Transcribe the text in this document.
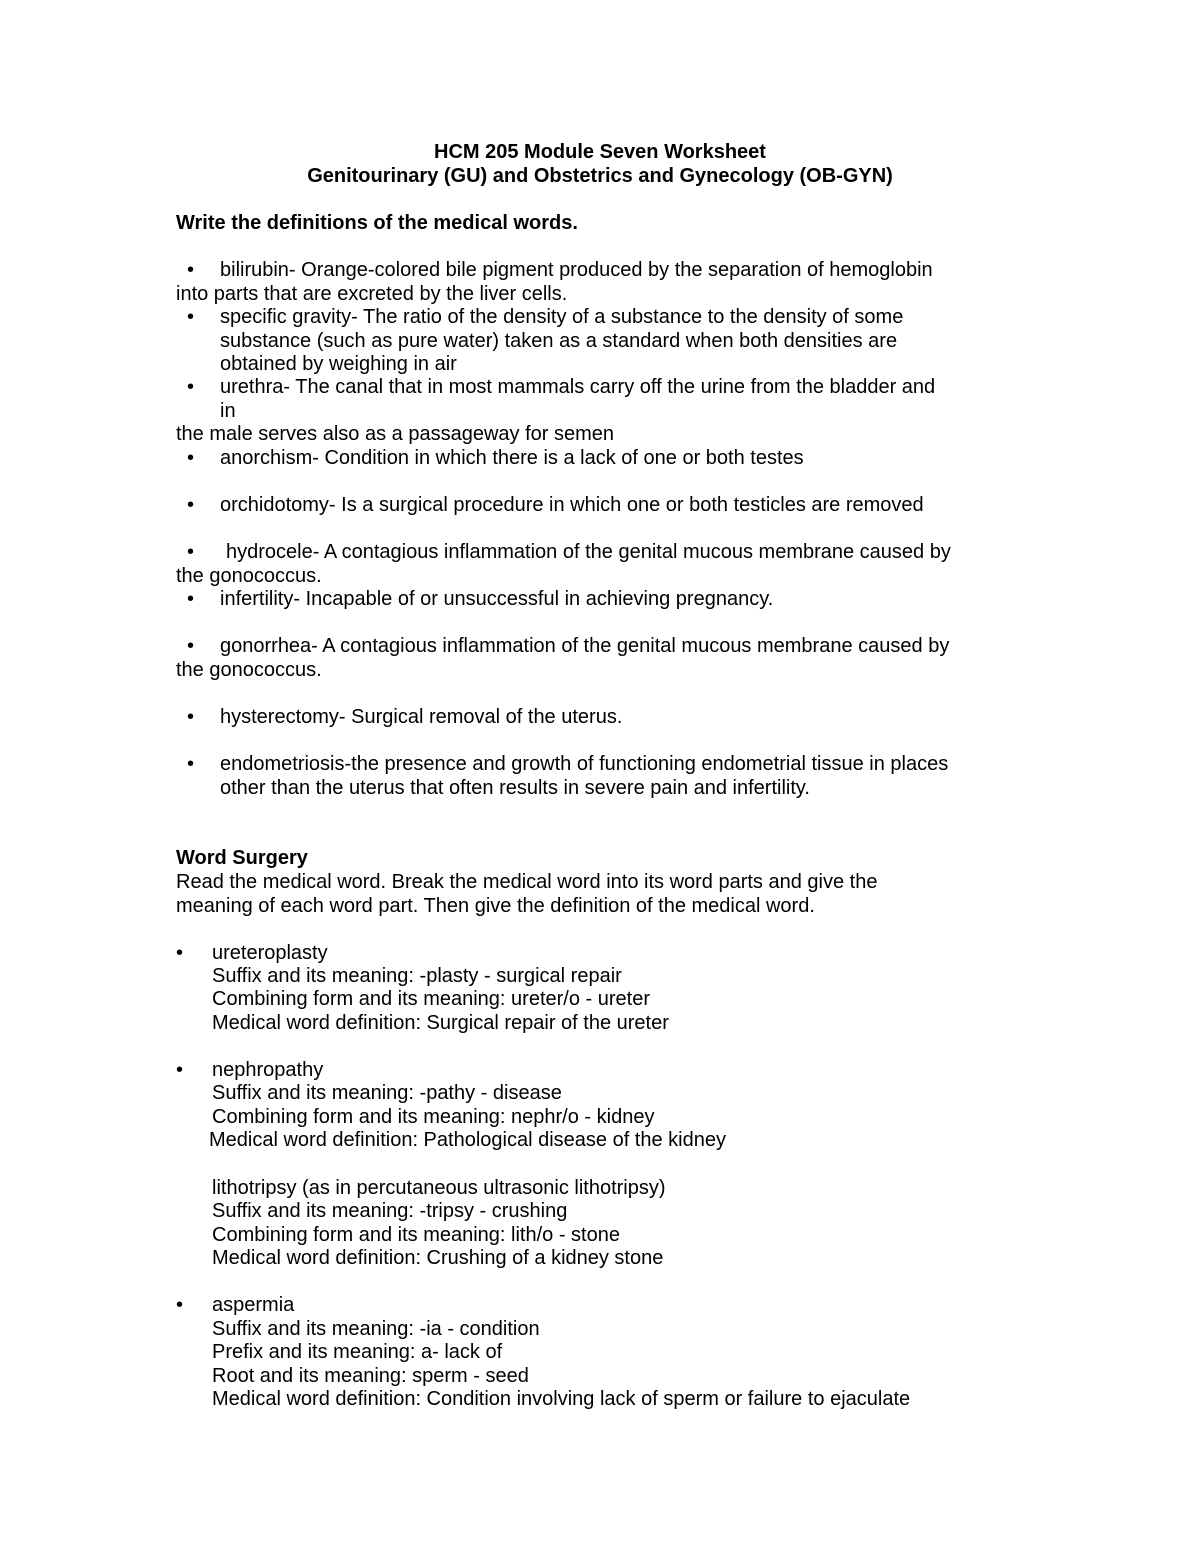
HCM 205 Module Seven Worksheet
Genitourinary (GU) and Obstetrics and Gynecology (OB-GYN)
Write the definitions of the medical words.
• bilirubin- Orange-colored bile pigment produced by the separation of hemoglobin
into parts that are excreted by the liver cells.
• specific gravity- The ratio of the density of a substance to the density of some
substance (such as pure water) taken as a standard when both densities are
obtained by weighing in air
• urethra- The canal that in most mammals carry off the urine from the bladder and
in
the male serves also as a passageway for semen
• anorchism- Condition in which there is a lack of one or both testes
• orchidotomy- Is a surgical procedure in which one or both testicles are removed
• hydrocele- A contagious inflammation of the genital mucous membrane caused by
the gonococcus.
• infertility- Incapable of or unsuccessful in achieving pregnancy.
• gonorrhea- A contagious inflammation of the genital mucous membrane caused by
the gonococcus.
• hysterectomy- Surgical removal of the uterus.
• endometriosis-the presence and growth of functioning endometrial tissue in places
other than the uterus that often results in severe pain and infertility.
Word Surgery
Read the medical word. Break the medical word into its word parts and give the
meaning of each word part. Then give the definition of the medical word.
• ureteroplasty
Suffix and its meaning: -plasty - surgical repair
Combining form and its meaning: ureter/o - ureter
Medical word definition: Surgical repair of the ureter
• nephropathy
Suffix and its meaning: -pathy - disease
Combining form and its meaning: nephr/o - kidney
Medical word definition: Pathological disease of the kidney
lithotripsy (as in percutaneous ultrasonic lithotripsy)
Suffix and its meaning: -tripsy - crushing
Combining form and its meaning: lith/o - stone
Medical word definition: Crushing of a kidney stone
• aspermia
Suffix and its meaning: -ia - condition
Prefix and its meaning: a- lack of
Root and its meaning: sperm - seed
Medical word definition: Condition involving lack of sperm or failure to ejaculate
